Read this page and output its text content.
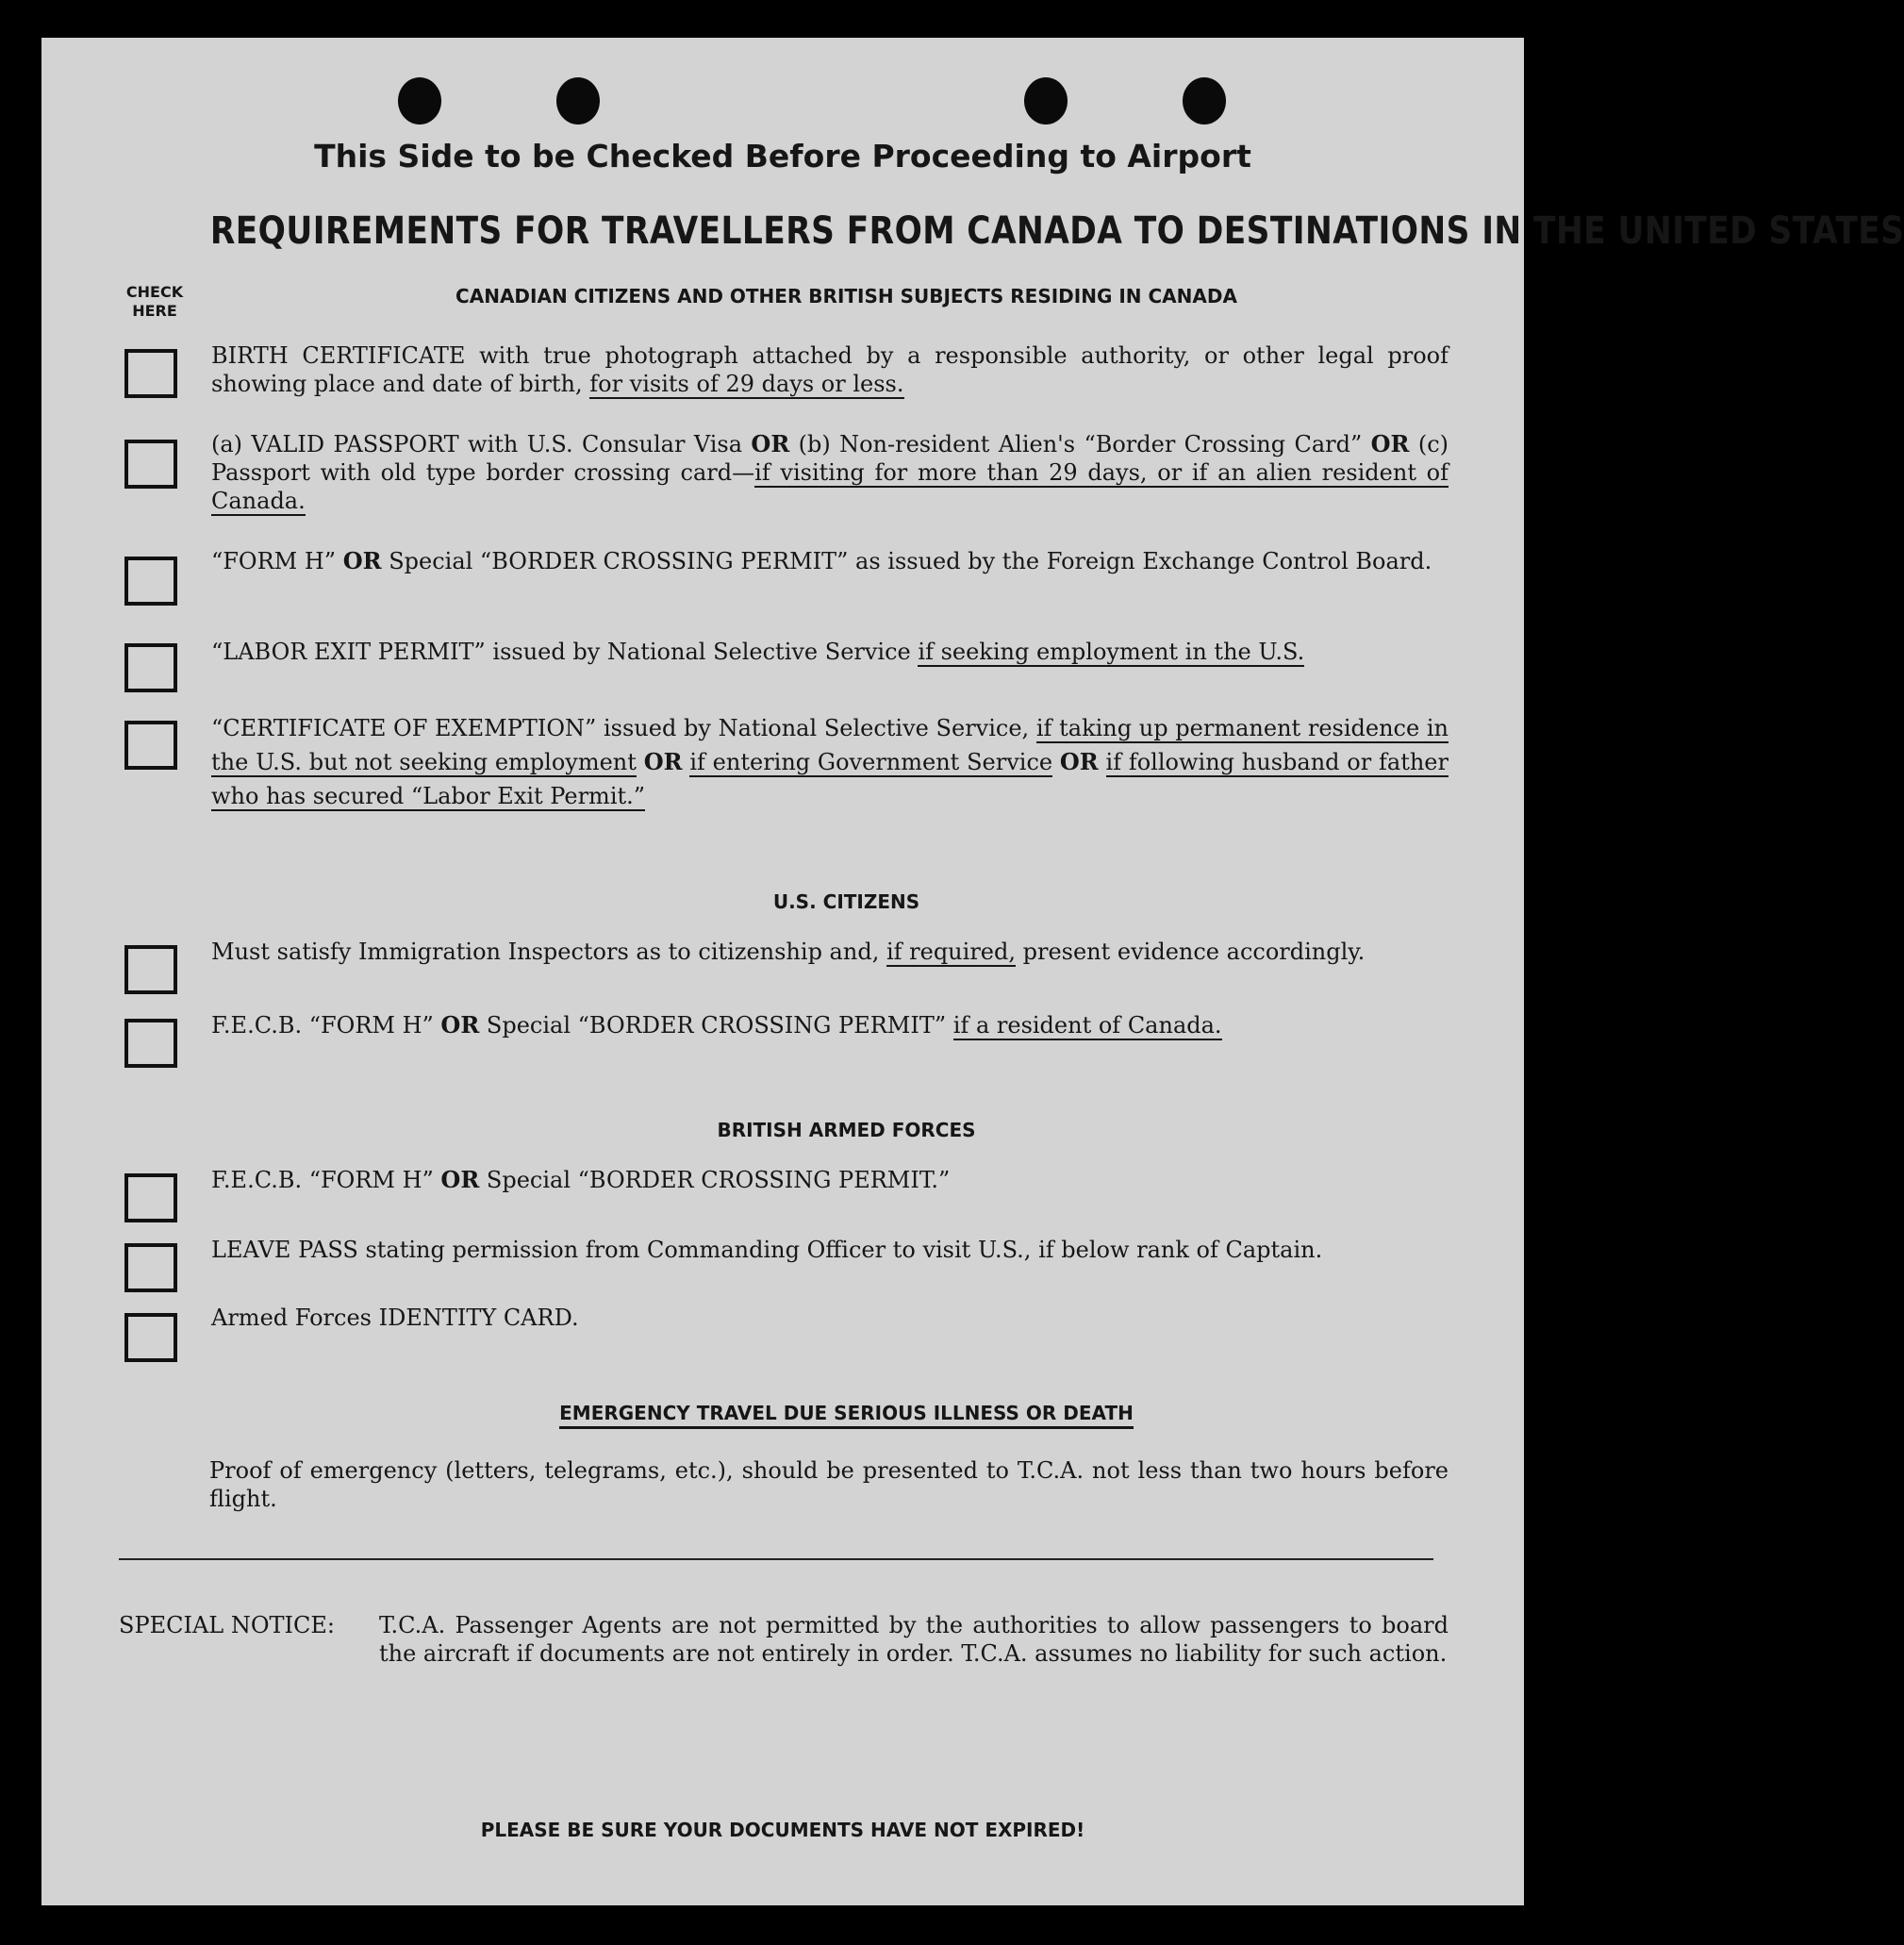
This Side to be Checked Before Proceeding to Airport
REQUIREMENTS FOR TRAVELLERS FROM CANADA TO DESTINATIONS IN THE UNITED STATES
CHECK HERE
CANADIAN CITIZENS AND OTHER BRITISH SUBJECTS RESIDING IN CANADA
BIRTH CERTIFICATE with true photograph attached by a responsible authority, or other legal proof showing place and date of birth, for visits of 29 days or less.
(a) VALID PASSPORT with U.S. Consular Visa OR (b) Non-resident Alien's “Border Crossing Card” OR (c) Passport with old type border crossing card—if visiting for more than 29 days, or if an alien resident of Canada.
“FORM H” OR Special “BORDER CROSSING PERMIT” as issued by the Foreign Exchange Control Board.
“LABOR EXIT PERMIT” issued by National Selective Service if seeking employment in the U.S.
“CERTIFICATE OF EXEMPTION” issued by National Selective Service, if taking up permanent residence in the U.S. but not seeking employment OR if entering Government Service OR if following husband or father who has secured “Labor Exit Permit.”
U.S. CITIZENS
Must satisfy Immigration Inspectors as to citizenship and, if required, present evidence accordingly.
F.E.C.B. “FORM H” OR Special “BORDER CROSSING PERMIT” if a resident of Canada.
BRITISH ARMED FORCES
F.E.C.B. “FORM H” OR Special “BORDER CROSSING PERMIT.”
LEAVE PASS stating permission from Commanding Officer to visit U.S., if below rank of Captain.
Armed Forces IDENTITY CARD.
EMERGENCY TRAVEL DUE SERIOUS ILLNESS OR DEATH
Proof of emergency (letters, telegrams, etc.), should be presented to T.C.A. not less than two hours before flight.
SPECIAL NOTICE: T.C.A. Passenger Agents are not permitted by the authorities to allow passengers to board the aircraft if documents are not entirely in order. T.C.A. assumes no liability for such action.
PLEASE BE SURE YOUR DOCUMENTS HAVE NOT EXPIRED!
